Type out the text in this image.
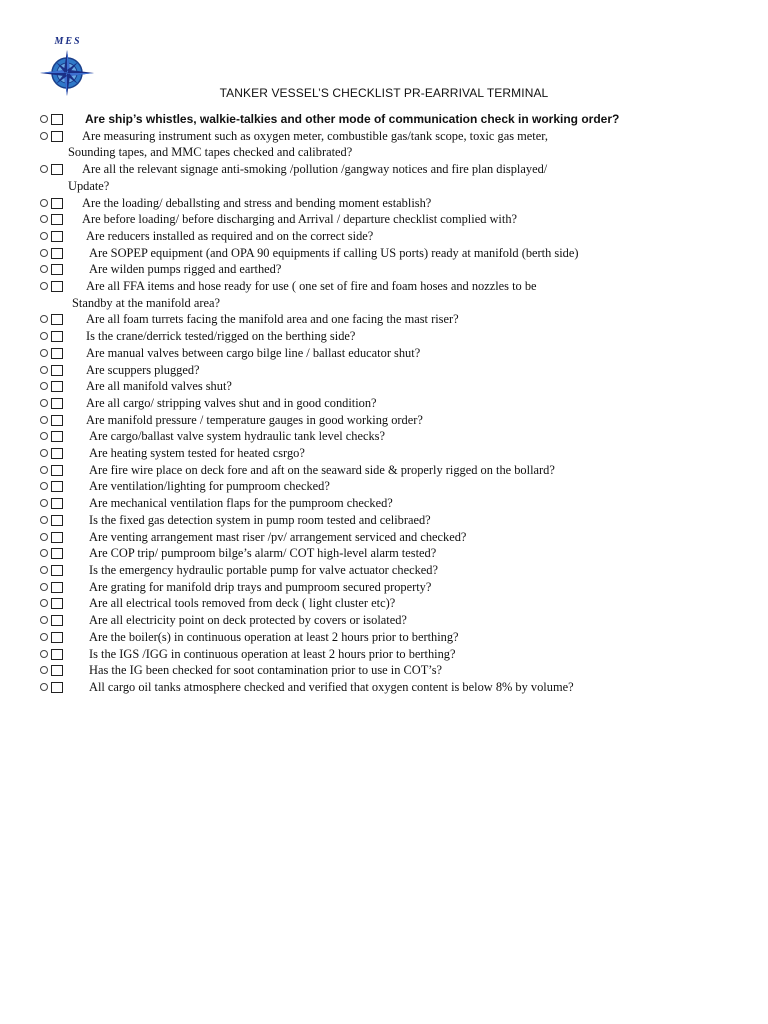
MES
TANKER VESSEL’S CHECKLIST PR-EARRIVAL TERMINAL
Are ship’s whistles, walkie-talkies and other mode of communication check in working order?
Are measuring instrument such as oxygen meter, combustible gas/tank scope, toxic gas meter,
Sounding tapes, and MMC tapes checked and calibrated?
Are all the relevant signage anti-smoking /pollution /gangway notices and fire plan displayed/
Update?
Are the loading/ deballsting and stress and bending moment establish?
Are before loading/ before discharging and Arrival / departure checklist complied with?
Are reducers installed as required and on the correct side?
Are SOPEP equipment (and OPA 90 equipments if calling US ports) ready at manifold (berth side)
Are wilden pumps rigged and earthed?
Are all FFA items and hose ready for use ( one set of fire and foam hoses and nozzles to be
Standby at the manifold area?
Are all foam turrets facing the manifold area and one facing the mast riser?
Is the crane/derrick tested/rigged on the berthing side?
Are manual valves between cargo bilge line / ballast educator shut?
Are scuppers plugged?
Are all manifold valves shut?
Are all cargo/ stripping valves shut and in good condition?
Are manifold pressure / temperature gauges in good working order?
Are cargo/ballast valve system hydraulic tank level checks?
Are heating system tested for heated csrgo?
Are fire wire place on deck fore and aft on the seaward side & properly rigged on the bollard?
Are ventilation/lighting for pumproom checked?
Are mechanical ventilation flaps for the pumproom checked?
Is the fixed gas detection system in pump room tested and celibraed?
Are venting arrangement mast riser /pv/ arrangement serviced and checked?
Are COP trip/ pumproom bilge’s alarm/ COT high-level alarm tested?
Is the emergency hydraulic portable pump for valve actuator checked?
Are grating for manifold drip trays and pumproom secured property?
Are all electrical tools removed from deck ( light cluster etc)?
Are all electricity point on deck protected by covers or isolated?
Are the boiler(s) in continuous operation at least 2 hours prior to berthing?
Is the IGS /IGG in continuous operation at least 2 hours prior to berthing?
Has the IG been checked for soot contamination prior to use in COT’s?
All cargo oil tanks atmosphere checked and verified that oxygen content is below 8% by volume?
